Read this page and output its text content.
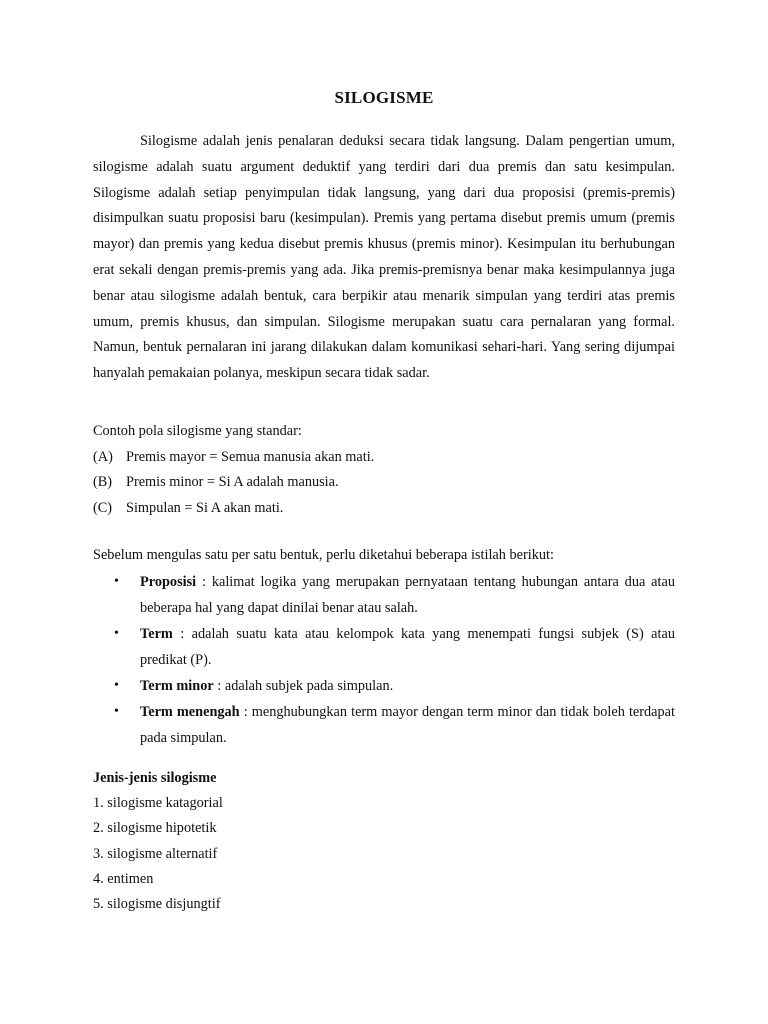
SILOGISME

Silogisme adalah jenis penalaran deduksi secara tidak langsung. Dalam pengertian umum, silogisme adalah suatu argument deduktif yang terdiri dari dua premis dan satu kesimpulan. Silogisme adalah setiap penyimpulan tidak langsung, yang dari dua proposisi (premis-premis) disimpulkan suatu proposisi baru (kesimpulan). Premis yang pertama disebut premis umum (premis mayor) dan premis yang kedua disebut premis khusus (premis minor). Kesimpulan itu berhubungan erat sekali dengan premis-premis yang ada. Jika premis-premisnya benar maka kesimpulannya juga benar atau silogisme adalah bentuk, cara berpikir atau menarik simpulan yang terdiri atas premis umum, premis khusus, dan simpulan. Silogisme merupakan suatu cara pernalaran yang formal. Namun, bentuk pernalaran ini jarang dilakukan dalam komunikasi sehari-hari. Yang sering dijumpai hanyalah pemakaian polanya, meskipun secara tidak sadar.

Contoh pola silogisme yang standar:
(A) Premis mayor = Semua manusia akan mati.
(B) Premis minor = Si A adalah manusia.
(C) Simpulan = Si A akan mati.

Sebelum mengulas satu per satu bentuk, perlu diketahui beberapa istilah berikut:

• Proposisi : kalimat logika yang merupakan pernyataan tentang hubungan antara dua atau beberapa hal yang dapat dinilai benar atau salah.
• Term : adalah suatu kata atau kelompok kata yang menempati fungsi subjek (S) atau predikat (P).
• Term minor : adalah subjek pada simpulan.
• Term menengah : menghubungkan term mayor dengan term minor dan tidak boleh terdapat pada simpulan.
Jenis-jenis silogisme
1. silogisme katagorial
2. silogisme hipotetik
3. silogisme alternatif
4. entimen
5. silogisme disjungtif
